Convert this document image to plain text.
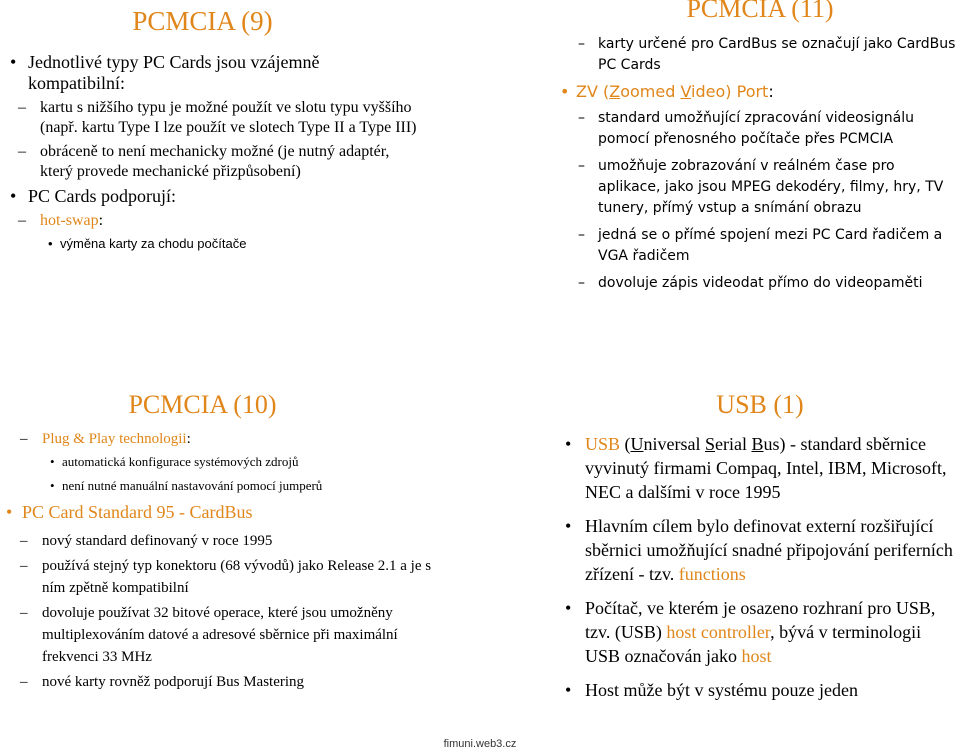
PCMCIA (9)
• Jednotlivé typy PC Cards jsou vzájemně kompatibilní:
– kartu s nižšího typu je možné použít ve slotu typu vyššího (např. kartu Type I lze použít ve slotech Type II a Type III)
– obráceně to není mechanicky možné (je nutný adaptér, který provede mechanické přizpůsobení)
• PC Cards podporují:
– hot-swap:
• výměna karty za chodu počítače
PCMCIA (11)
– karty určené pro CardBus se označují jako CardBus PC Cards
• ZV (Zoomed Video) Port:
– standard umožňující zpracování videosignálu pomocí přenosného počítače přes PCMCIA
– umožňuje zobrazování v reálném čase pro aplikace, jako jsou MPEG dekodéry, filmy, hry, TV tunery, přímý vstup a snímání obrazu
– jedná se o přímé spojení mezi PC Card řadičem a VGA řadičem
– dovoluje zápis videodat přímo do videopaměti
PCMCIA (10)
– Plug & Play technologii:
• automatická konfigurace systémových zdrojů
• není nutné manuální nastavování pomocí jumperů
• PC Card Standard 95 - CardBus
– nový standard definovaný v roce 1995
– používá stejný typ konektoru (68 vývodů) jako Release 2.1 a je s ním zpětně kompatibilní
– dovoluje používat 32 bitové operace, které jsou umožněny multiplexováním datové a adresové sběrnice při maximální frekvenci 33 MHz
– nové karty rovněž podporují Bus Mastering
USB (1)
• USB (Universal Serial Bus) - standard sběrnice vyvinutý firmami Compaq, Intel, IBM, Microsoft, NEC a dalšími v roce 1995
• Hlavním cílem bylo definovat externí rozšiřující sběrnici umožňující snadné připojování periferních zřízení - tzv. functions
• Počítač, ve kterém je osazeno rozhraní pro USB, tzv. (USB) host controller, bývá v terminologii USB označován jako host
• Host může být v systému pouze jeden
fimuni.web3.cz
